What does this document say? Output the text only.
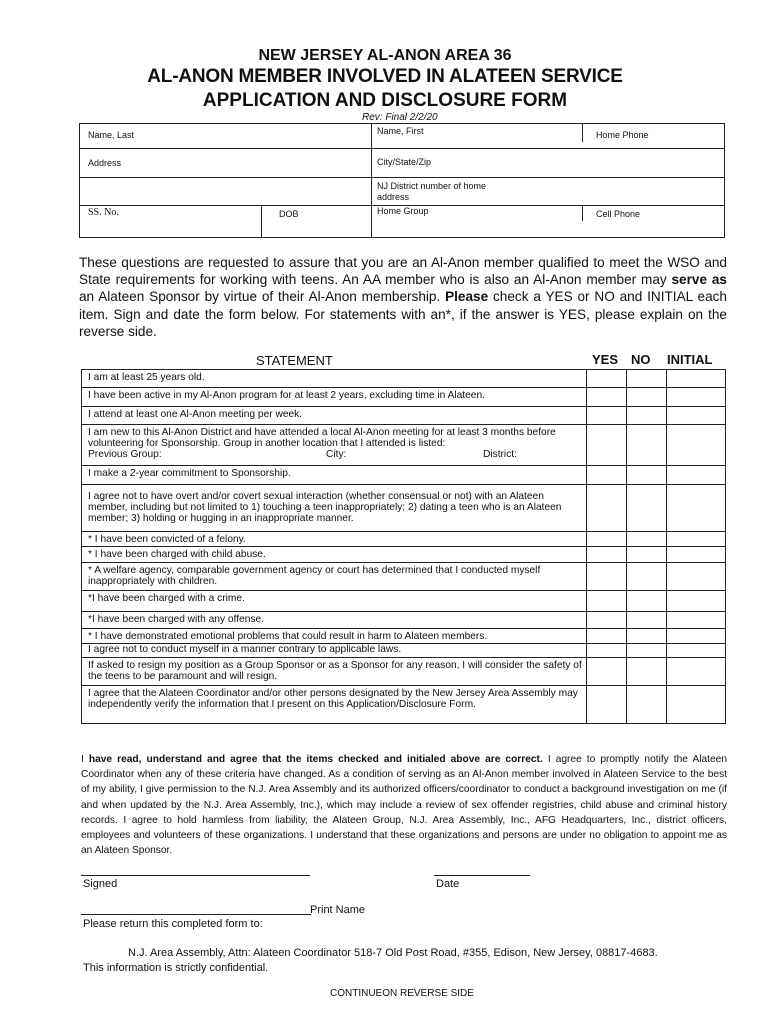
NEW JERSEY AL-ANON AREA 36
AL-ANON MEMBER INVOLVED IN ALATEEN SERVICE
APPLICATION AND DISCLOSURE FORM
Rev: Final 2/2/20
Name, Last	Name, First	Home Phone
Address	City/State/Zip
NJ District number of home
address
SS. No.	DOB	Home Group	Cell Phone
These questions are requested to assure that you are an Al-Anon member qualified to meet the WSO and State requirements for working with teens. An AA member who is also an Al-Anon member may serve as an Alateen Sponsor by virtue of their Al-Anon membership. Please check a YES or NO and INITIAL each item. Sign and date the form below. For statements with an*, if the answer is YES, please explain on the reverse side.
STATEMENT	YES NO INITIAL
I am at least 25 years old.
I have been active in my Al-Anon program for at least 2 years, excluding time in Alateen.
I attend at least one Al-Anon meeting per week.
I am new to this Al-Anon District and have attended a local Al-Anon meeting for at least 3 months before volunteering for Sponsorship. Group in another location that I attended is listed:
Previous Group:	City:	District:
I make a 2-year commitment to Sponsorship.
I agree not to have overt and/or covert sexual interaction (whether consensual or not) with an Alateen member, including but not limited to 1) touching a teen inappropriately; 2) dating a teen who is an Alateen member; 3) holding or hugging in an inappropriate manner.
* I have been convicted of a felony.
* I have been charged with child abuse.
* A welfare agency, comparable government agency or court has determined that I conducted myself inappropriately with children.
*I have been charged with a crime.
*I have been charged with any offense.
* I have demonstrated emotional problems that could result in harm to Alateen members.
I agree not to conduct myself in a manner contrary to applicable laws.
If asked to resign my position as a Group Sponsor or as a Sponsor for any reason, I will consider the safety of the teens to be paramount and will resign.
I agree that the Alateen Coordinator and/or other persons designated by the New Jersey Area Assembly may independently verify the information that I present on this Application/Disclosure Form.
I have read, understand and agree that the items checked and initialed above are correct. I agree to promptly notify the Alateen Coordinator when any of these criteria have changed. As a condition of serving as an Al-Anon member involved in Alateen Service to the best of my ability, I give permission to the N.J. Area Assembly and its authorized officers/coordinator to conduct a background investigation on me (if and when updated by the N.J. Area Assembly, Inc.), which may include a review of sex offender registries, child abuse and criminal history records. I agree to hold harmless from liability, the Alateen Group, N.J. Area Assembly, Inc., AFG Headquarters, Inc., district officers, employees and volunteers of these organizations. I understand that these organizations and persons are under no obligation to appoint me as an Alateen Sponsor.
Signed	Date
Print Name
Please return this completed form to:
N.J. Area Assembly, Attn: Alateen Coordinator 518-7 Old Post Road, #355, Edison, New Jersey, 08817-4683.
This information is strictly confidential.
CONTINUEON REVERSE SIDE
